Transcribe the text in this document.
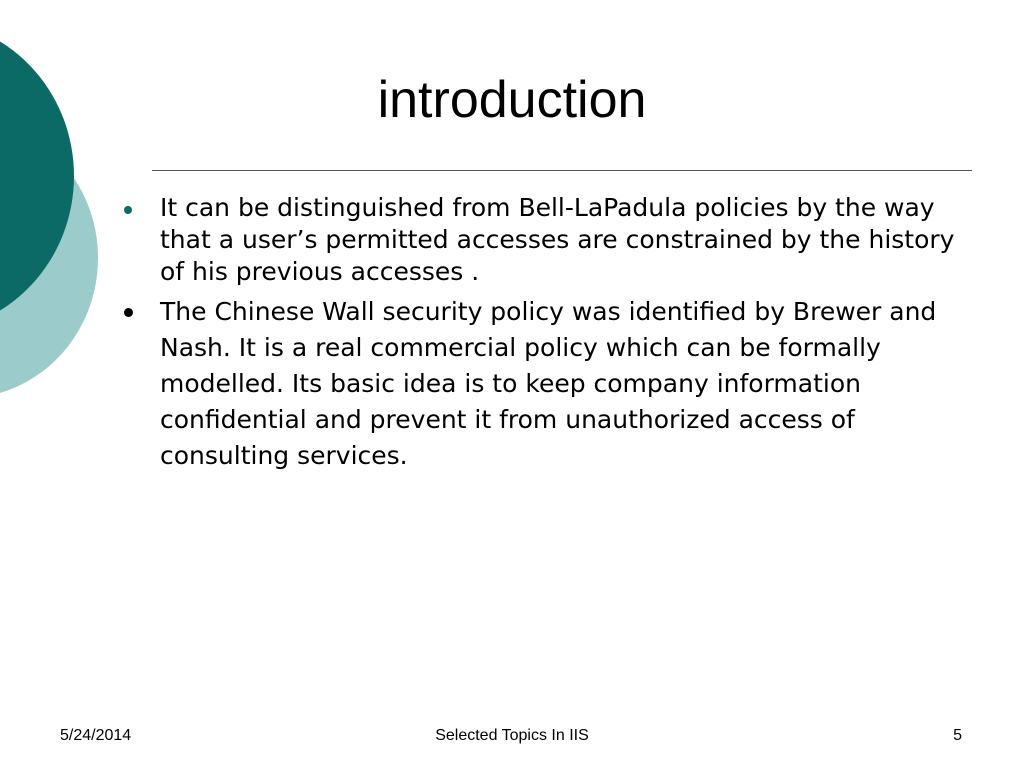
introduction
It can be distinguished from Bell-LaPadula policies by the way that a user’s permitted accesses are constrained by the history of his previous accesses .
The Chinese Wall security policy was identified by Brewer and Nash. It is a real commercial policy which can be formally modelled. Its basic idea is to keep company information confidential and prevent it from unauthorized access of consulting services.
5/24/2014	Selected Topics In IIS	5
